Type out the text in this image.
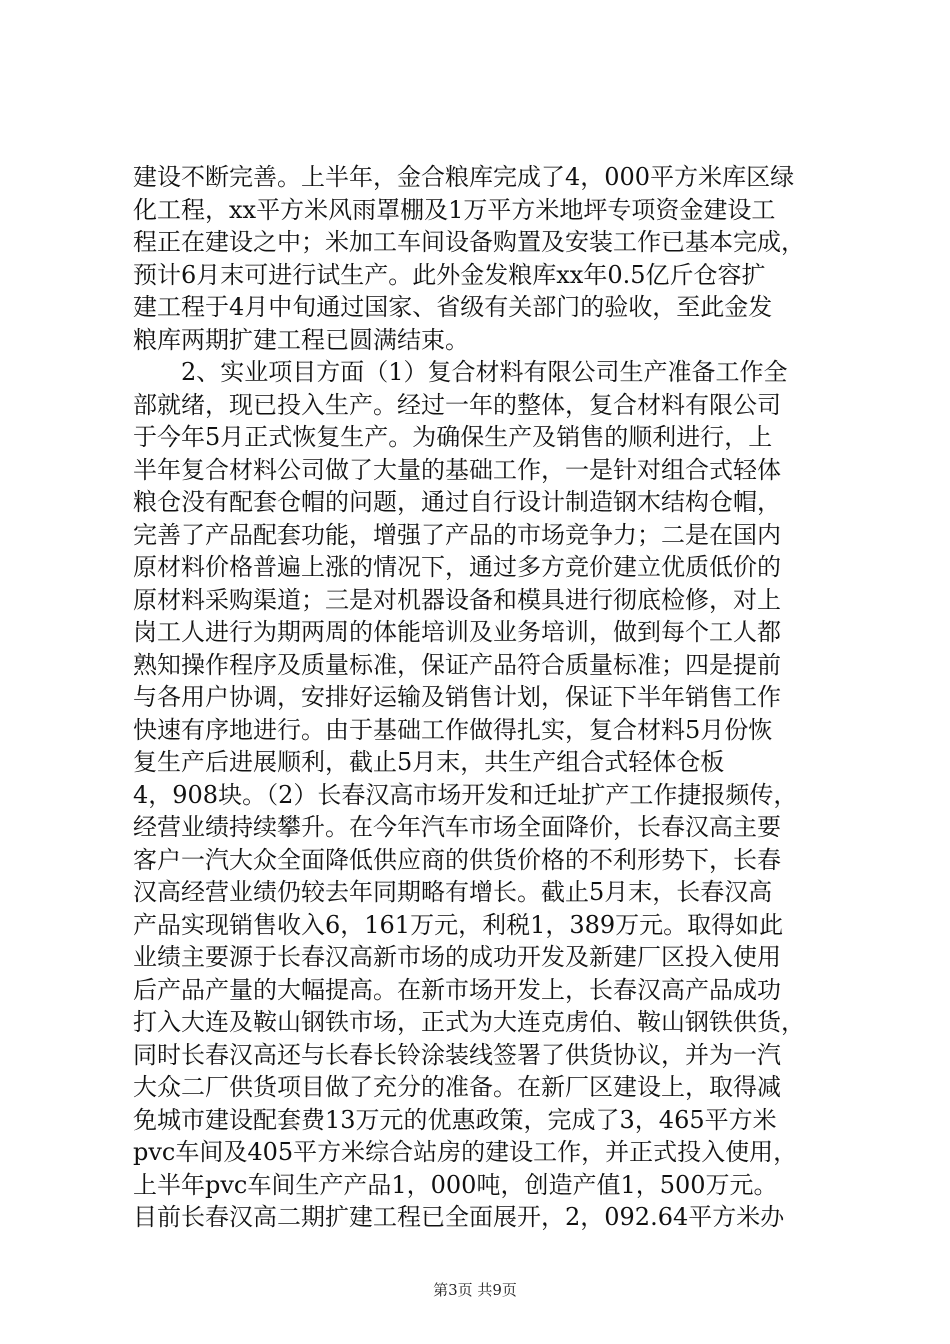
建设不断完善。上半年，金合粮库完成了4，000平方米库区绿
化工程，xx平方米风雨罩棚及1万平方米地坪专项资金建设工
程正在建设之中；米加工车间设备购置及安装工作已基本完成，
预计6月末可进行试生产。此外金发粮库xx年0.5亿斤仓容扩
建工程于4月中旬通过国家、省级有关部门的验收，至此金发
粮库两期扩建工程已圆满结束。
2、实业项目方面（1）复合材料有限公司生产准备工作全
部就绪，现已投入生产。经过一年的整体，复合材料有限公司
于今年5月正式恢复生产。为确保生产及销售的顺利进行，上
半年复合材料公司做了大量的基础工作，一是针对组合式轻体
粮仓没有配套仓帽的问题，通过自行设计制造钢木结构仓帽，
完善了产品配套功能，增强了产品的市场竞争力；二是在国内
原材料价格普遍上涨的情况下，通过多方竞价建立优质低价的
原材料采购渠道；三是对机器设备和模具进行彻底检修，对上
岗工人进行为期两周的体能培训及业务培训，做到每个工人都
熟知操作程序及质量标准，保证产品符合质量标准；四是提前
与各用户协调，安排好运输及销售计划，保证下半年销售工作
快速有序地进行。由于基础工作做得扎实，复合材料5月份恢
复生产后进展顺利，截止5月末，共生产组合式轻体仓板
4，908块。（2）长春汉高市场开发和迁址扩产工作捷报频传，
经营业绩持续攀升。在今年汽车市场全面降价，长春汉高主要
客户一汽大众全面降低供应商的供货价格的不利形势下，长春
汉高经营业绩仍较去年同期略有增长。截止5月末，长春汉高
产品实现销售收入6，161万元，利税1，389万元。取得如此
业绩主要源于长春汉高新市场的成功开发及新建厂区投入使用
后产品产量的大幅提高。在新市场开发上，长春汉高产品成功
打入大连及鞍山钢铁市场，正式为大连克虏伯、鞍山钢铁供货，
同时长春汉高还与长春长铃涂装线签署了供货协议，并为一汽
大众二厂供货项目做了充分的准备。在新厂区建设上，取得减
免城市建设配套费13万元的优惠政策，完成了3，465平方米
pvc车间及405平方米综合站房的建设工作，并正式投入使用，
上半年pvc车间生产产品1，000吨，创造产值1，500万元。
目前长春汉高二期扩建工程已全面展开，2，092.64平方米办
第3页 共9页
